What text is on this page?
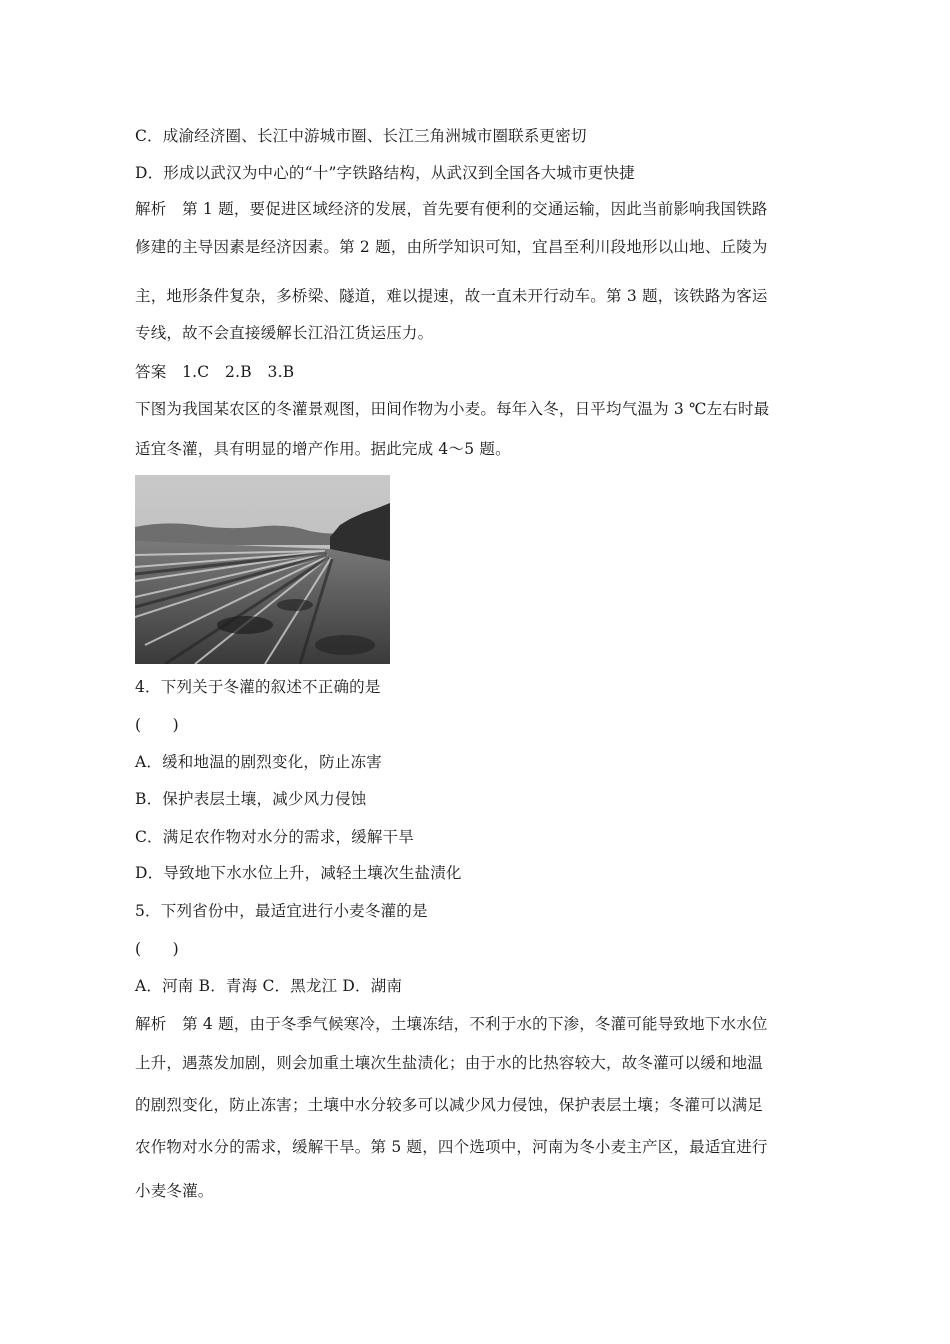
C．成渝经济圈、长江中游城市圈、长江三角洲城市圈联系更密切
D．形成以武汉为中心的“十”字铁路结构，从武汉到全国各大城市更快捷
解析　第 1 题，要促进区域经济的发展，首先要有便利的交通运输，因此当前影响我国铁路
修建的主导因素是经济因素。第 2 题，由所学知识可知，宜昌至利川段地形以山地、丘陵为
主，地形条件复杂，多桥梁、隧道，难以提速，故一直未开行动车。第 3 题，该铁路为客运
专线，故不会直接缓解长江沿江货运压力。
答案　1.C　2.B　3.B
下图为我国某农区的冬灌景观图，田间作物为小麦。每年入冬，日平均气温为 3 ℃左右时最
适宜冬灌，具有明显的增产作用。据此完成 4～5 题。
4．下列关于冬灌的叙述不正确的是
(　　)
A．缓和地温的剧烈变化，防止冻害
B．保护表层土壤，减少风力侵蚀
C．满足农作物对水分的需求，缓解干旱
D．导致地下水水位上升，减轻土壤次生盐渍化
5．下列省份中，最适宜进行小麦冬灌的是
(　　)
A．河南 B．青海 C．黑龙江 D．湖南
解析　第 4 题，由于冬季气候寒冷，土壤冻结，不利于水的下渗，冬灌可能导致地下水水位
上升，遇蒸发加剧，则会加重土壤次生盐渍化；由于水的比热容较大，故冬灌可以缓和地温
的剧烈变化，防止冻害；土壤中水分较多可以减少风力侵蚀，保护表层土壤；冬灌可以满足
农作物对水分的需求，缓解干旱。第 5 题，四个选项中，河南为冬小麦主产区，最适宜进行
小麦冬灌。
